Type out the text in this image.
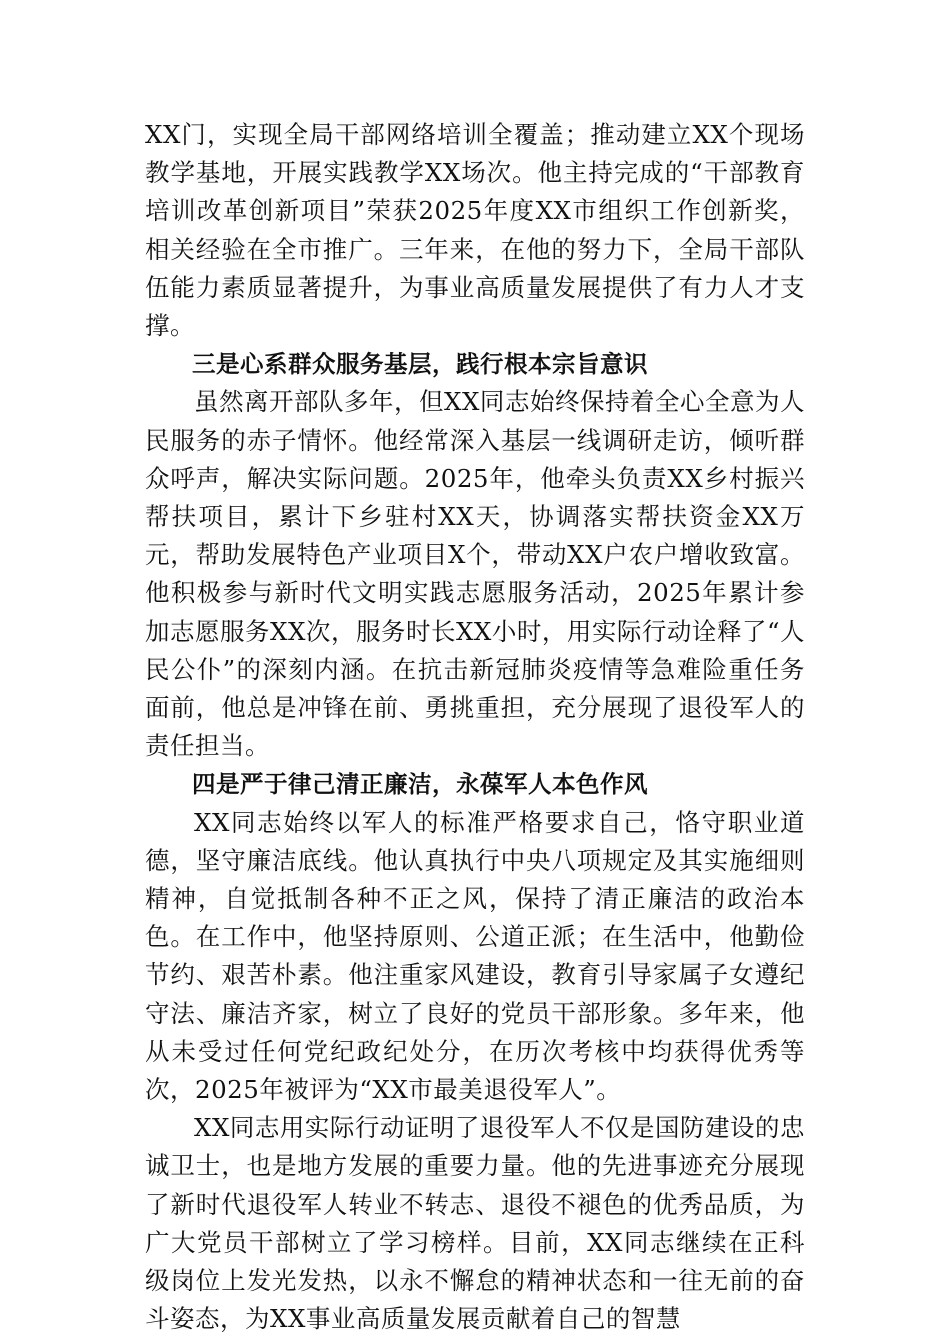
XX门，实现全局干部网络培训全覆盖；推动建立XX个现场教学基地，开展实践教学XX场次。他主持完成的“干部教育培训改革创新项目”荣获2025年度XX市组织工作创新奖，相关经验在全市推广。三年来，在他的努力下，全局干部队伍能力素质显著提升，为事业高质量发展提供了有力人才支撑。

三是心系群众服务基层，践行根本宗旨意识

虽然离开部队多年，但XX同志始终保持着全心全意为人民服务的赤子情怀。他经常深入基层一线调研走访，倾听群众呼声，解决实际问题。2025年，他牵头负责XX乡村振兴帮扶项目，累计下乡驻村XX天，协调落实帮扶资金XX万元，帮助发展特色产业项目X个，带动XX户农户增收致富。他积极参与新时代文明实践志愿服务活动，2025年累计参加志愿服务XX次，服务时长XX小时，用实际行动诠释了“人民公仆”的深刻内涵。在抗击新冠肺炎疫情等急难险重任务面前，他总是冲锋在前、勇挑重担，充分展现了退役军人的责任担当。

四是严于律己清正廉洁，永葆军人本色作风

XX同志始终以军人的标准严格要求自己，恪守职业道德，坚守廉洁底线。他认真执行中央八项规定及其实施细则精神，自觉抵制各种不正之风，保持了清正廉洁的政治本色。在工作中，他坚持原则、公道正派；在生活中，他勤俭节约、艰苦朴素。他注重家风建设，教育引导家属子女遵纪守法、廉洁齐家，树立了良好的党员干部形象。多年来，他从未受过任何党纪政纪处分，在历次考核中均获得优秀等次，2025年被评为“XX市最美退役军人”。

XX同志用实际行动证明了退役军人不仅是国防建设的忠诚卫士，也是地方发展的重要力量。他的先进事迹充分展现了新时代退役军人转业不转志、退役不褪色的优秀品质，为广大党员干部树立了学习榜样。目前，XX同志继续在正科级岗位上发光发热，以永不懈怠的精神状态和一往无前的奋斗姿态，为XX事业高质量发展贡献着自己的智慧
